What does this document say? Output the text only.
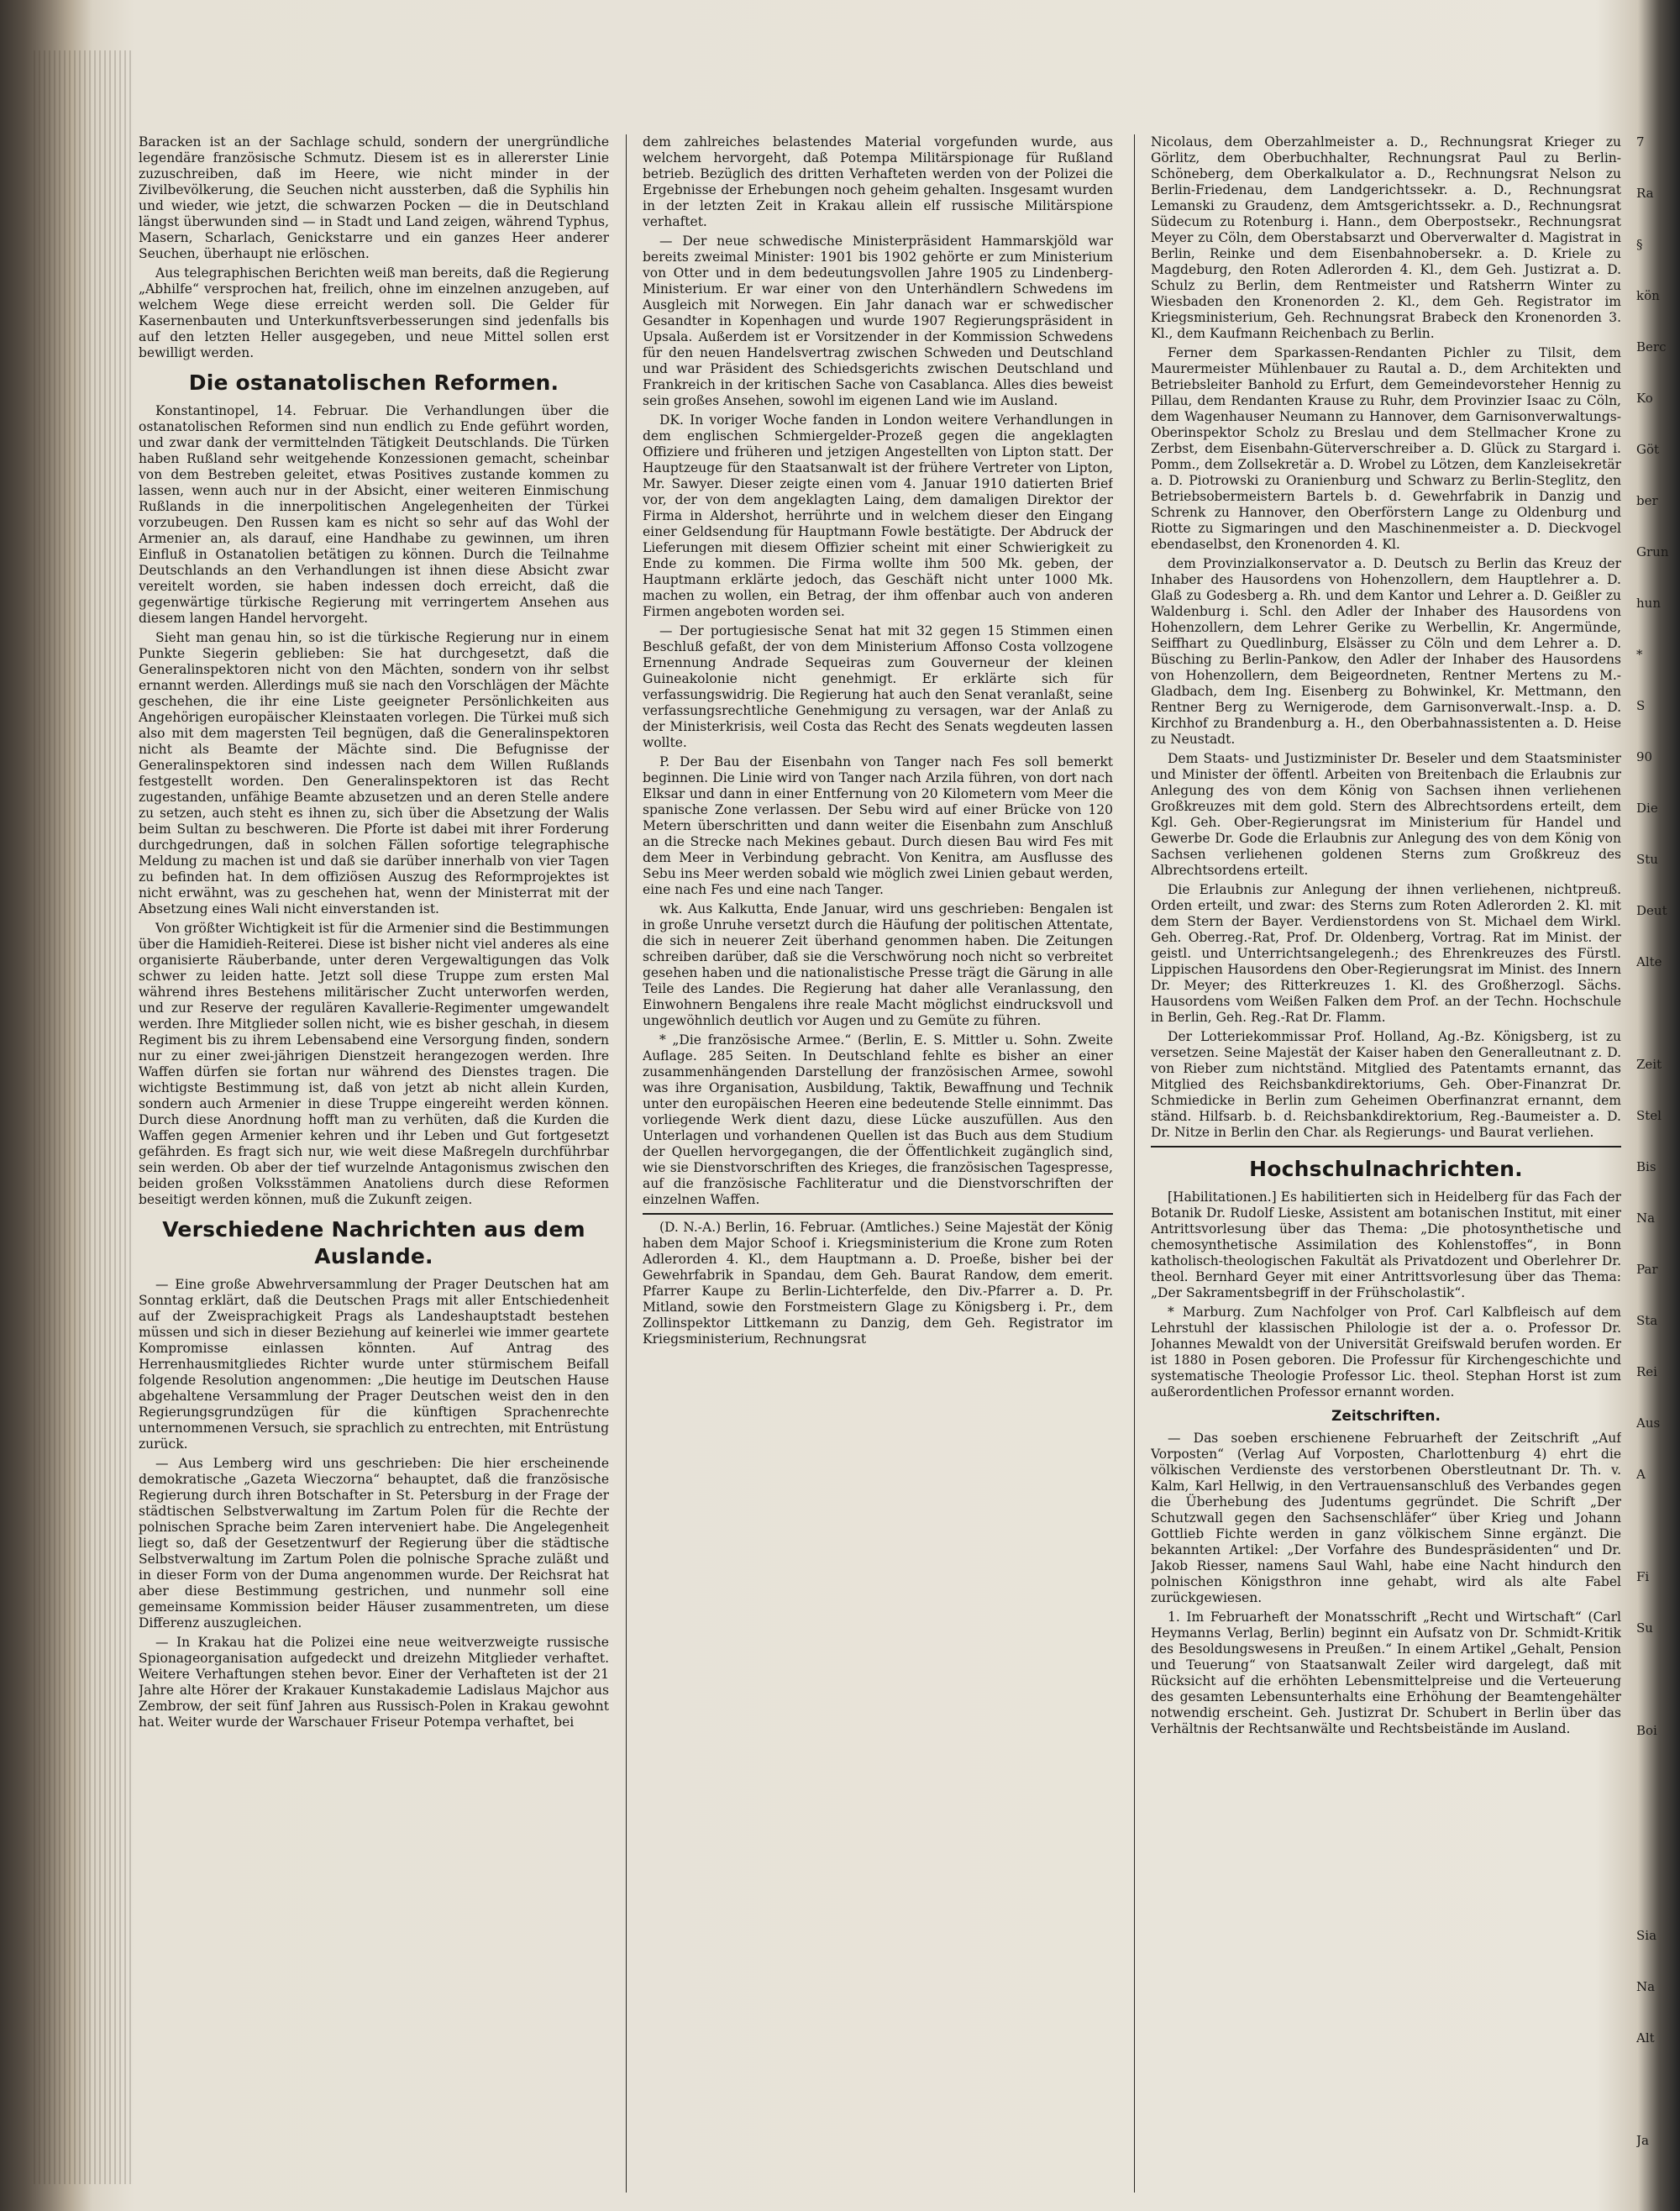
Baracken ist an der Sachlage schuld, sondern der unergründliche legendäre französische Schmutz. Diesem ist es in allererster Linie zuzuschreiben, daß im Heere, wie nicht minder in der Zivilbevölkerung, die Seuchen nicht aussterben, daß die Syphilis hin und wieder, wie jetzt, die schwarzen Pocken — die in Deutschland längst überwunden sind — in Stadt und Land zeigen, während Typhus, Masern, Scharlach, Genickstarre und ein ganzes Heer anderer Seuchen, überhaupt nie erlöschen.

Aus telegraphischen Berichten weiß man bereits, daß die Regierung „Abhilfe“ versprochen hat, freilich, ohne im einzelnen anzugeben, auf welchem Wege diese erreicht werden soll. Die Gelder für Kasernenbauten und Unterkunftsverbesserungen sind jedenfalls bis auf den letzten Heller ausgegeben, und neue Mittel sollen erst bewilligt werden.

Die ostanatolischen Reformen.

Konstantinopel, 14. Februar. Die Verhandlungen über die ostanatolischen Reformen sind nun endlich zu Ende geführt worden, und zwar dank der vermittelnden Tätigkeit Deutschlands. Die Türken haben Rußland sehr weitgehende Konzessionen gemacht, scheinbar von dem Bestreben geleitet, etwas Positives zustande kommen zu lassen, wenn auch nur in der Absicht, einer weiteren Einmischung Rußlands in die innerpolitischen Angelegenheiten der Türkei vorzubeugen. Den Russen kam es nicht so sehr auf das Wohl der Armenier an, als darauf, eine Handhabe zu gewinnen, um ihren Einfluß in Ostanatolien betätigen zu können. Durch die Teilnahme Deutschlands an den Verhandlungen ist ihnen diese Absicht zwar vereitelt worden, sie haben indessen doch erreicht, daß die gegenwärtige türkische Regierung mit verringertem Ansehen aus diesem langen Handel hervorgeht.

Sieht man genau hin, so ist die türkische Regierung nur in einem Punkte Siegerin geblieben: Sie hat durchgesetzt, daß die Generalinspektoren nicht von den Mächten, sondern von ihr selbst ernannt werden. Allerdings muß sie nach den Vorschlägen der Mächte geschehen, die ihr eine Liste geeigneter Persönlichkeiten aus Angehörigen europäischer Kleinstaaten vorlegen. Die Türkei muß sich also mit dem magersten Teil begnügen, daß die Generalinspektoren nicht als Beamte der Mächte sind. Die Befugnisse der Generalinspektoren sind indessen nach dem Willen Rußlands festgestellt worden. Den Generalinspektoren ist das Recht zugestanden, unfähige Beamte abzusetzen und an deren Stelle andere zu setzen, auch steht es ihnen zu, sich über die Absetzung der Walis beim Sultan zu beschweren. Die Pforte ist dabei mit ihrer Forderung durchgedrungen, daß in solchen Fällen sofortige telegraphische Meldung zu machen ist und daß sie darüber innerhalb von vier Tagen zu befinden hat. In dem offiziösen Auszug des Reformprojektes ist nicht erwähnt, was zu geschehen hat, wenn der Ministerrat mit der Absetzung eines Wali nicht einverstanden ist.

Von größter Wichtigkeit ist für die Armenier sind die Bestimmungen über die Hamidieh-Reiterei. Diese ist bisher nicht viel anderes als eine organisierte Räuberbande, unter deren Vergewaltigungen das Volk schwer zu leiden hatte. Jetzt soll diese Truppe zum ersten Mal während ihres Bestehens militärischer Zucht unterworfen werden, und zur Reserve der regulären Kavallerie-Regimenter umgewandelt werden. Ihre Mitglieder sollen nicht, wie es bisher geschah, in diesem Regiment bis zu ihrem Lebensabend eine Versorgung finden, sondern nur zu einer zwei-jährigen Dienstzeit herangezogen werden. Ihre Waffen dürfen sie fortan nur während des Dienstes tragen. Die wichtigste Bestimmung ist, daß von jetzt ab nicht allein Kurden, sondern auch Armenier in diese Truppe eingereiht werden können. Durch diese Anordnung hofft man zu verhüten, daß die Kurden die Waffen gegen Armenier kehren und ihr Leben und Gut fortgesetzt gefährden. Es fragt sich nur, wie weit diese Maßregeln durchführbar sein werden. Ob aber der tief wurzelnde Antagonismus zwischen den beiden großen Volksstämmen Anatoliens durch diese Reformen beseitigt werden können, muß die Zukunft zeigen.

Verschiedene Nachrichten aus dem Auslande.

— Eine große Abwehrversammlung der Prager Deutschen hat am Sonntag erklärt, daß die Deutschen Prags mit aller Entschiedenheit auf der Zweisprachigkeit Prags als Landeshauptstadt bestehen müssen und sich in dieser Beziehung auf keinerlei wie immer geartete Kompromisse einlassen könnten. Auf Antrag des Herrenhausmitgliedes Richter wurde unter stürmischem Beifall folgende Resolution angenommen: „Die heutige im Deutschen Hause abgehaltene Versammlung der Prager Deutschen weist den in den Regierungsgrundzügen für die künftigen Sprachenrechte unternommenen Versuch, sie sprachlich zu entrechten, mit Entrüstung zurück.

— Aus Lemberg wird uns geschrieben: Die hier erscheinende demokratische „Gazeta Wieczorna“ behauptet, daß die französische Regierung durch ihren Botschafter in St. Petersburg in der Frage der städtischen Selbstverwaltung im Zartum Polen für die Rechte der polnischen Sprache beim Zaren interveniert habe. Die Angelegenheit liegt so, daß der Gesetzentwurf der Regierung über die städtische Selbstverwaltung im Zartum Polen die polnische Sprache zuläßt und in dieser Form von der Duma angenommen wurde. Der Reichsrat hat aber diese Bestimmung gestrichen, und nunmehr soll eine gemeinsame Kommission beider Häuser zusammentreten, um diese Differenz auszugleichen.

— In Krakau hat die Polizei eine neue weitverzweigte russische Spionageorganisation aufgedeckt und dreizehn Mitglieder verhaftet. Weitere Verhaftungen stehen bevor. Einer der Verhafteten ist der 21 Jahre alte Hörer der Krakauer Kunstakademie Ladislaus Majchor aus Zembrow, der seit fünf Jahren aus Russisch-Polen in Krakau gewohnt hat. Weiter wurde der Warschauer Friseur Potempa verhaftet, bei

dem zahlreiches belastendes Material vorgefunden wurde, aus welchem hervorgeht, daß Potempa Militärspionage für Rußland betrieb. Bezüglich des dritten Verhafteten werden von der Polizei die Ergebnisse der Erhebungen noch geheim gehalten. Insgesamt wurden in der letzten Zeit in Krakau allein elf russische Militärspione verhaftet.

— Der neue schwedische Ministerpräsident Hammarskjöld war bereits zweimal Minister: 1901 bis 1902 gehörte er zum Ministerium von Otter und in dem bedeutungsvollen Jahre 1905 zu Lindenberg-Ministerium. Er war einer von den Unterhändlern Schwedens im Ausgleich mit Norwegen. Ein Jahr danach war er schwedischer Gesandter in Kopenhagen und wurde 1907 Regierungspräsident in Upsala. Außerdem ist er Vorsitzender in der Kommission Schwedens für den neuen Handelsvertrag zwischen Schweden und Deutschland und war Präsident des Schiedsgerichts zwischen Deutschland und Frankreich in der kritischen Sache von Casablanca. Alles dies beweist sein großes Ansehen, sowohl im eigenen Land wie im Ausland.

DK. In voriger Woche fanden in London weitere Verhandlungen in dem englischen Schmiergelder-Prozeß gegen die angeklagten Offiziere und früheren und jetzigen Angestellten von Lipton statt. Der Hauptzeuge für den Staatsanwalt ist der frühere Vertreter von Lipton, Mr. Sawyer. Dieser zeigte einen vom 4. Januar 1910 datierten Brief vor, der von dem angeklagten Laing, dem damaligen Direktor der Firma in Aldershot, herrührte und in welchem dieser den Eingang einer Geldsendung für Hauptmann Fowle bestätigte. Der Abdruck der Lieferungen mit diesem Offizier scheint mit einer Schwierigkeit zu Ende zu kommen. Die Firma wollte ihm 500 Mk. geben, der Hauptmann erklärte jedoch, das Geschäft nicht unter 1000 Mk. machen zu wollen, ein Betrag, der ihm offenbar auch von anderen Firmen angeboten worden sei.

— Der portugiesische Senat hat mit 32 gegen 15 Stimmen einen Beschluß gefaßt, der von dem Ministerium Affonso Costa vollzogene Ernennung Andrade Sequeiras zum Gouverneur der kleinen Guineakolonie nicht genehmigt. Er erklärte sich für verfassungswidrig. Die Regierung hat auch den Senat veranlaßt, seine verfassungsrechtliche Genehmigung zu versagen, war der Anlaß zu der Ministerkrisis, weil Costa das Recht des Senats wegdeuten lassen wollte.

P. Der Bau der Eisenbahn von Tanger nach Fes soll bemerkt beginnen. Die Linie wird von Tanger nach Arzila führen, von dort nach Elksar und dann in einer Entfernung von 20 Kilometern vom Meer die spanische Zone verlassen. Der Sebu wird auf einer Brücke von 120 Metern überschritten und dann weiter die Eisenbahn zum Anschluß an die Strecke nach Mekines gebaut. Durch diesen Bau wird Fes mit dem Meer in Verbindung gebracht. Von Kenitra, am Ausflusse des Sebu ins Meer werden sobald wie möglich zwei Linien gebaut werden, eine nach Fes und eine nach Tanger.

wk. Aus Kalkutta, Ende Januar, wird uns geschrieben: Bengalen ist in große Unruhe versetzt durch die Häufung der politischen Attentate, die sich in neuerer Zeit überhand genommen haben. Die Zeitungen schreiben darüber, daß sie die Verschwörung noch nicht so verbreitet gesehen haben und die nationalistische Presse trägt die Gärung in alle Teile des Landes. Die Regierung hat daher alle Veranlassung, den Einwohnern Bengalens ihre reale Macht möglichst eindrucksvoll und ungewöhnlich deutlich vor Augen und zu Gemüte zu führen.

* „Die französische Armee.“ (Berlin, E. S. Mittler u. Sohn. Zweite Auflage. 285 Seiten. In Deutschland fehlte es bisher an einer zusammenhängenden Darstellung der französischen Armee, sowohl was ihre Organisation, Ausbildung, Taktik, Bewaffnung und Technik unter den europäischen Heeren eine bedeutende Stelle einnimmt. Das vorliegende Werk dient dazu, diese Lücke auszufüllen. Aus den Unterlagen und vorhandenen Quellen ist das Buch aus dem Studium der Quellen hervorgegangen, die der Öffentlichkeit zugänglich sind, wie sie Dienstvorschriften des Krieges, die französischen Tagespresse, auf die französische Fachliteratur und die Dienstvorschriften der einzelnen Waffen.

(D. N.-A.) Berlin, 16. Februar. (Amtliches.) Seine Majestät der König haben dem Major Schoof i. Kriegsministerium die Krone zum Roten Adlerorden 4. Kl., dem Hauptmann a. D. Proeße, bisher bei der Gewehrfabrik in Spandau, dem Geh. Baurat Randow, dem emerit. Pfarrer Kaupe zu Berlin-Lichterfelde, den Div.-Pfarrer a. D. Pr. Mitland, sowie den Forstmeistern Glage zu Königsberg i. Pr., dem Zollinspektor Littkemann zu Danzig, dem Geh. Registrator im Kriegsministerium, Rechnungsrat

Nicolaus, dem Oberzahlmeister a. D., Rechnungsrat Krieger zu Görlitz, dem Oberbuchhalter, Rechnungsrat Paul zu Berlin-Schöneberg, dem Oberkalkulator a. D., Rechnungsrat Nelson zu Berlin-Friedenau, dem Landgerichtssekr. a. D., Rechnungsrat Lemanski zu Graudenz, dem Amtsgerichtssekr. a. D., Rechnungsrat Südecum zu Rotenburg i. Hann., dem Oberpostsekr., Rechnungsrat Meyer zu Cöln, dem Oberstabsarzt und Oberverwalter d. Magistrat in Berlin, Reinke und dem Eisenbahnobersekr. a. D. Kriele zu Magdeburg, den Roten Adlerorden 4. Kl., dem Geh. Justizrat a. D. Schulz zu Berlin, dem Rentmeister und Ratsherrn Winter zu Wiesbaden den Kronenorden 2. Kl., dem Geh. Registrator im Kriegsministerium, Geh. Rechnungsrat Brabeck den Kronenorden 3. Kl., dem Kaufmann Reichenbach zu Berlin.

Ferner dem Sparkassen-Rendanten Pichler zu Tilsit, dem Maurermeister Mühlenbauer zu Rautal a. D., dem Architekten und Betriebsleiter Banhold zu Erfurt, dem Gemeindevorsteher Hennig zu Pillau, dem Rendanten Krause zu Ruhr, dem Provinzier Isaac zu Cöln, dem Wagenhauser Neumann zu Hannover, dem Garnisonverwaltungs-Oberinspektor Scholz zu Breslau und dem Stellmacher Krone zu Zerbst, dem Eisenbahn-Güterverschreiber a. D. Glück zu Stargard i. Pomm., dem Zollsekretär a. D. Wrobel zu Lötzen, dem Kanzleisekretär a. D. Piotrowski zu Oranienburg und Schwarz zu Berlin-Steglitz, den Betriebsobermeistern Bartels b. d. Gewehrfabrik in Danzig und Schrenk zu Hannover, den Oberförstern Lange zu Oldenburg und Riotte zu Sigmaringen und den Maschinenmeister a. D. Dieckvogel ebendaselbst, den Kronenorden 4. Kl.

dem Provinzialkonservator a. D. Deutsch zu Berlin das Kreuz der Inhaber des Hausordens von Hohenzollern, dem Hauptlehrer a. D. Glaß zu Godesberg a. Rh. und dem Kantor und Lehrer a. D. Geißler zu Waldenburg i. Schl. den Adler der Inhaber des Hausordens von Hohenzollern, dem Lehrer Gerike zu Werbellin, Kr. Angermünde, Seiffhart zu Quedlinburg, Elsässer zu Cöln und dem Lehrer a. D. Büsching zu Berlin-Pankow, den Adler der Inhaber des Hausordens von Hohenzollern, dem Beigeordneten, Rentner Mertens zu M.-Gladbach, dem Ing. Eisenberg zu Bohwinkel, Kr. Mettmann, den Rentner Berg zu Wernigerode, dem Garnisonverwalt.-Insp. a. D. Kirchhof zu Brandenburg a. H., den Oberbahnassistenten a. D. Heise zu Neustadt.

Dem Staats- und Justizminister Dr. Beseler und dem Staatsminister und Minister der öffentl. Arbeiten von Breitenbach die Erlaubnis zur Anlegung des von dem König von Sachsen ihnen verliehenen Großkreuzes mit dem gold. Stern des Albrechtsordens erteilt, dem Kgl. Geh. Ober-Regierungsrat im Ministerium für Handel und Gewerbe Dr. Gode die Erlaubnis zur Anlegung des von dem König von Sachsen verliehenen goldenen Sterns zum Großkreuz des Albrechtsordens erteilt.

Die Erlaubnis zur Anlegung der ihnen verliehenen, nichtpreuß. Orden erteilt, und zwar: des Sterns zum Roten Adlerorden 2. Kl. mit dem Stern der Bayer. Verdienstordens von St. Michael dem Wirkl. Geh. Oberreg.-Rat, Prof. Dr. Oldenberg, Vortrag. Rat im Minist. der geistl. und Unterrichtsangelegenh.; des Ehrenkreuzes des Fürstl. Lippischen Hausordens den Ober-Regierungsrat im Minist. des Innern Dr. Meyer; des Ritterkreuzes 1. Kl. des Großherzogl. Sächs. Hausordens vom Weißen Falken dem Prof. an der Techn. Hochschule in Berlin, Geh. Reg.-Rat Dr. Flamm.

Der Lotteriekommissar Prof. Holland, Ag.-Bz. Königsberg, ist zu versetzen. Seine Majestät der Kaiser haben den Generalleutnant z. D. von Rieber zum nichtständ. Mitglied des Patentamts ernannt, das Mitglied des Reichsbankdirektoriums, Geh. Ober-Finanzrat Dr. Schmiedicke in Berlin zum Geheimen Oberfinanzrat ernannt, dem ständ. Hilfsarb. b. d. Reichsbankdirektorium, Reg.-Baumeister a. D. Dr. Nitze in Berlin den Char. als Regierungs- und Baurat verliehen.

Hochschulnachrichten.

[Habilitationen.] Es habilitierten sich in Heidelberg für das Fach der Botanik Dr. Rudolf Lieske, Assistent am botanischen Institut, mit einer Antrittsvorlesung über das Thema: „Die photosynthetische und chemosynthetische Assimilation des Kohlenstoffes“, in Bonn katholisch-theologischen Fakultät als Privatdozent und Oberlehrer Dr. theol. Bernhard Geyer mit einer Antrittsvorlesung über das Thema: „Der Sakramentsbegriff in der Frühscholastik“.

* Marburg. Zum Nachfolger von Prof. Carl Kalbfleisch auf dem Lehrstuhl der klassischen Philologie ist der a. o. Professor Dr. Johannes Mewaldt von der Universität Greifswald berufen worden. Er ist 1880 in Posen geboren. Die Professur für Kirchengeschichte und systematische Theologie Professor Lic. theol. Stephan Horst ist zum außerordentlichen Professor ernannt worden.

Zeitschriften.

— Das soeben erschienene Februarheft der Zeitschrift „Auf Vorposten“ (Verlag Auf Vorposten, Charlottenburg 4) ehrt die völkischen Verdienste des verstorbenen Oberstleutnant Dr. Th. v. Kalm, Karl Hellwig, in den Vertrauensanschluß des Verbandes gegen die Überhebung des Judentums gegründet. Die Schrift „Der Schutzwall gegen den Sachsenschläfer“ über Krieg und Johann Gottlieb Fichte werden in ganz völkischem Sinne ergänzt. Die bekannten Artikel: „Der Vorfahre des Bundespräsidenten“ und Dr. Jakob Riesser, namens Saul Wahl, habe eine Nacht hindurch den polnischen Königsthron inne gehabt, wird als alte Fabel zurückgewiesen.

1. Im Februarheft der Monatsschrift „Recht und Wirtschaft“ (Carl Heymanns Verlag, Berlin) beginnt ein Aufsatz von Dr. Schmidt-Kritik des Besoldungswesens in Preußen.“ In einem Artikel „Gehalt, Pension und Teuerung“ von Staatsanwalt Zeiler wird dargelegt, daß mit Rücksicht auf die erhöhten Lebensmittelpreise und die Verteuerung des gesamten Lebensunterhalts eine Erhöhung der Beamtengehälter notwendig erscheint. Geh. Justizrat Dr. Schubert in Berlin über das Verhältnis der Rechtsanwälte und Rechtsbeistände im Ausland.

7
Ra
§
kön
Berc
Ko
Göt
ber
Grun
hun
*
S
90
Die
Stu
Deut
Alte

Zeit
Stel
Bis
Na
Par
Sta
Rei
Aus
A

Fi
Su

Boi

Sia
Na
Alt

Ja
